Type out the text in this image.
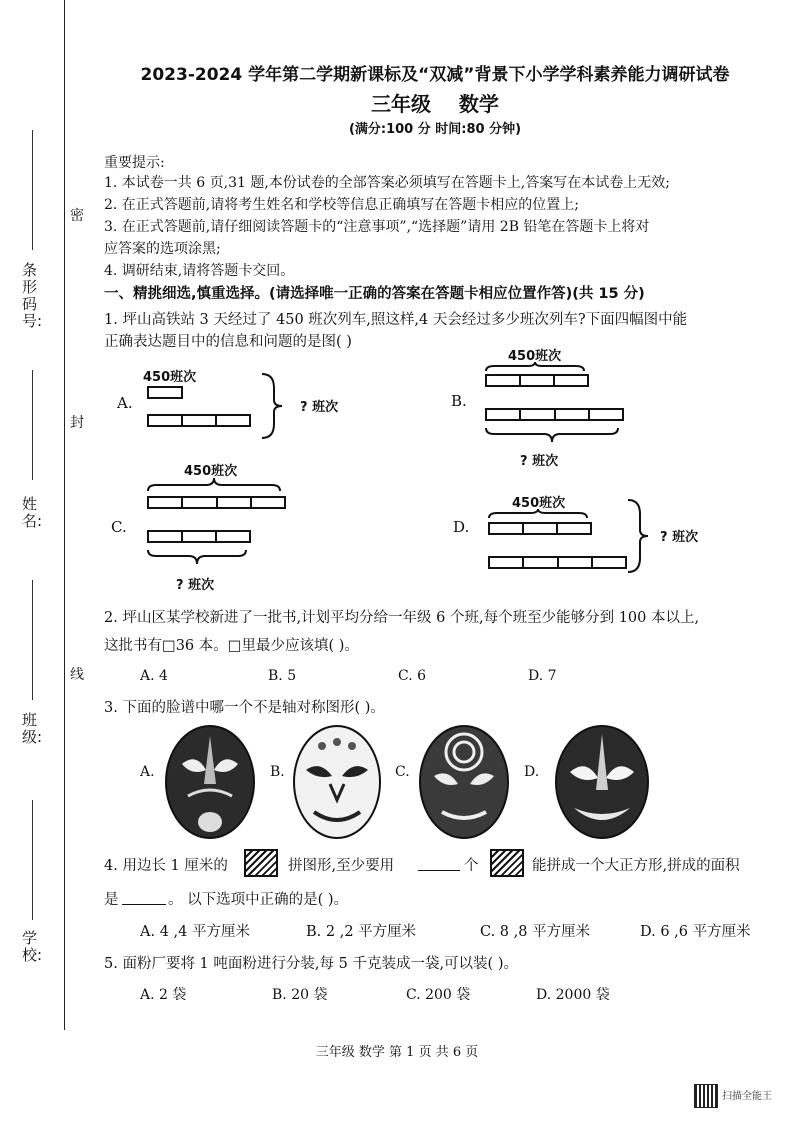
条形码号:
姓名:
班级:
学校:
密
封
线
2023-2024 学年第二学期新课标及“双减”背景下小学学科素养能力调研试卷
三年级    数学
(满分:100 分 时间:80 分钟)
重要提示:
1. 本试卷一共 6 页,31 题,本份试卷的全部答案必须填写在答题卡上,答案写在本试卷上无效;
2. 在正式答题前,请将考生姓名和学校等信息正确填写在答题卡相应的位置上;
3. 在正式答题前,请仔细阅读答题卡的“注意事项”,“选择题”请用 2B 铅笔在答题卡上将对
应答案的选项涂黑;
4. 调研结束,请将答题卡交回。
一、精挑细选,慎重选择。(请选择唯一正确的答案在答题卡相应位置作答)(共 15 分)
1. 坪山高铁站 3 天经过了 450 班次列车,照这样,4 天会经过多少班次列车?下面四幅图中能
正确表达题目中的信息和问题的是图( )
A.
450班次
? 班次	B.
450班次
? 班次
C.
450班次
? 班次
D.
450班次
? 班次
2. 坪山区某学校新进了一批书,计划平均分给一年级 6 个班,每个班至少能够分到 100 本以上,
这批书有□36 本。□里最少应该填( )。
A. 4	B. 5	C. 6	D. 7
3. 下面的脸谱中哪一个不是轴对称图形( )。
A.	B.	C.	D.
4. 用边长 1 厘米的	拼图形,至少要用	个	能拼成一个大正方形,拼成的面积
是	。 以下选项中正确的是( )。
A. 4 ,4 平方厘米	B. 2 ,2 平方厘米	C. 8 ,8 平方厘米	D. 6 ,6 平方厘米
5. 面粉厂要将 1 吨面粉进行分装,每 5 千克装成一袋,可以装( )。
A. 2 袋	B. 20 袋	C. 200 袋	D. 2000 袋
三年级 数学 第 1 页 共 6 页
扫描全能王
